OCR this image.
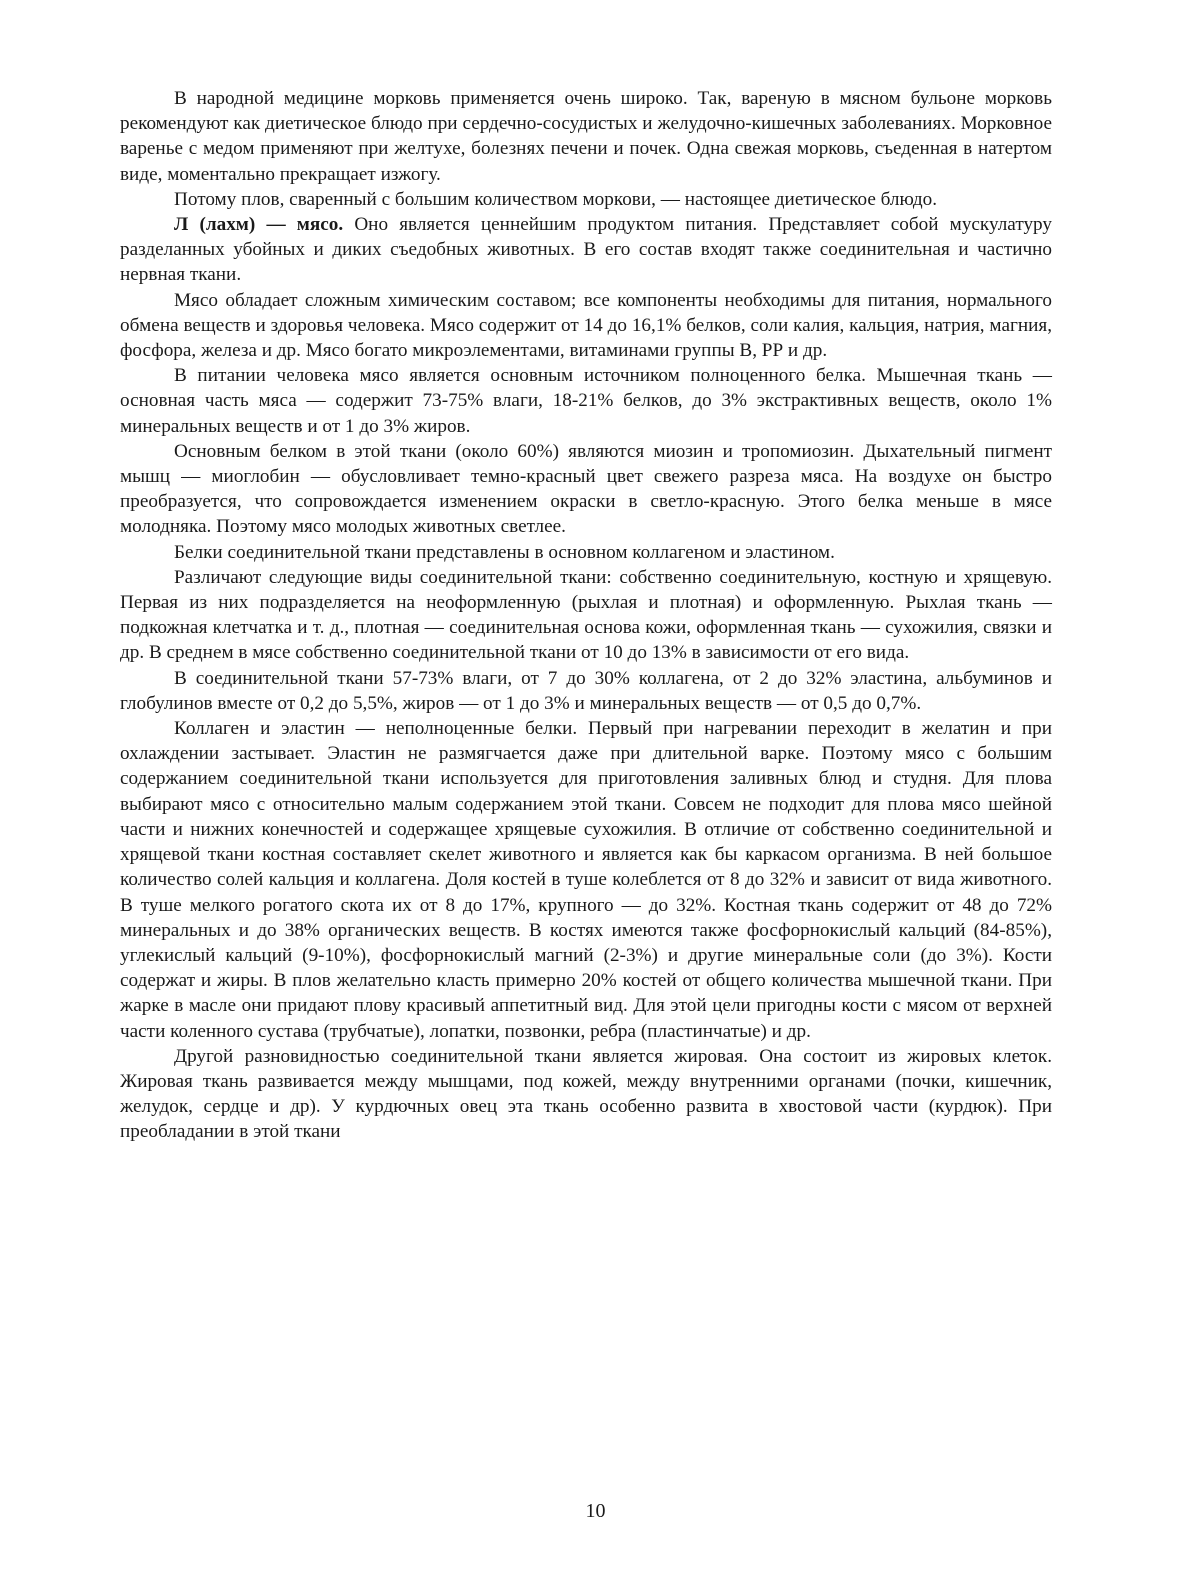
В народной медицине морковь применяется очень широко. Так, вареную в мясном бульоне морковь рекомендуют как диетическое блюдо при сердечно-сосудистых и желудочно-кишечных заболеваниях. Морковное варенье с медом применяют при желтухе, болезнях печени и почек. Одна свежая морковь, съеденная в натертом виде, моментально прекращает изжогу.

Потому плов, сваренный с большим количеством моркови, — настоящее диетическое блюдо.

Л (лахм) — мясо. Оно является ценнейшим продуктом питания. Представляет собой мускулатуру разделанных убойных и диких съедобных животных. В его состав входят также соединительная и частично нервная ткани.

Мясо обладает сложным химическим составом; все компоненты необходимы для питания, нормального обмена веществ и здоровья человека. Мясо содержит от 14 до 16,1% белков, соли калия, кальция, натрия, магния, фосфора, железа и др. Мясо богато микроэлементами, витаминами группы В, РР и др.

В питании человека мясо является основным источником полноценного белка. Мышечная ткань — основная часть мяса — содержит 73-75% влаги, 18-21% белков, до 3% экстрактивных веществ, около 1% минеральных веществ и от 1 до 3% жиров.

Основным белком в этой ткани (около 60%) являются миозин и тропомиозин. Дыхательный пигмент мышц — миоглобин — обусловливает темно-красный цвет свежего разреза мяса. На воздухе он быстро преобразуется, что сопровождается изменением окраски в светло-красную. Этого белка меньше в мясе молодняка. Поэтому мясо молодых животных светлее.

Белки соединительной ткани представлены в основном коллагеном и эластином.

Различают следующие виды соединительной ткани: собственно соединительную, костную и хрящевую. Первая из них подразделяется на неоформленную (рыхлая и плотная) и оформленную. Рыхлая ткань — подкожная клетчатка и т. д., плотная — соединительная основа кожи, оформленная ткань — сухожилия, связки и др. В среднем в мясе собственно соединительной ткани от 10 до 13% в зависимости от его вида.

В соединительной ткани 57-73% влаги, от 7 до 30% коллагена, от 2 до 32% эластина, альбуминов и глобулинов вместе от 0,2 до 5,5%, жиров — от 1 до 3% и минеральных веществ — от 0,5 до 0,7%.

Коллаген и эластин — неполноценные белки. Первый при нагревании переходит в желатин и при охлаждении застывает. Эластин не размягчается даже при длительной варке. Поэтому мясо с большим содержанием соединительной ткани используется для приготовления заливных блюд и студня. Для плова выбирают мясо с относительно малым содержанием этой ткани. Совсем не подходит для плова мясо шейной части и нижних конечностей и содержащее хрящевые сухожилия. В отличие от собственно соединительной и хрящевой ткани костная составляет скелет животного и является как бы каркасом организма. В ней большое количество солей кальция и коллагена. Доля костей в туше колеблется от 8 до 32% и зависит от вида животного. В туше мелкого рогатого скота их от 8 до 17%, крупного — до 32%. Костная ткань содержит от 48 до 72% минеральных и до 38% органических веществ. В костях имеются также фосфорнокислый кальций (84-85%), углекислый кальций (9-10%), фосфорнокислый магний (2-3%) и другие минеральные соли (до 3%). Кости содержат и жиры. В плов желательно класть примерно 20% костей от общего количества мышечной ткани. При жарке в масле они придают плову красивый аппетитный вид. Для этой цели пригодны кости с мясом от верхней части коленного сустава (трубчатые), лопатки, позвонки, ребра (пластинчатые) и др.

Другой разновидностью соединительной ткани является жировая. Она состоит из жировых клеток. Жировая ткань развивается между мышцами, под кожей, между внутренними органами (почки, кишечник, желудок, сердце и др). У курдючных овец эта ткань особенно развита в хвостовой части (курдюк). При преобладании в этой ткани

10
